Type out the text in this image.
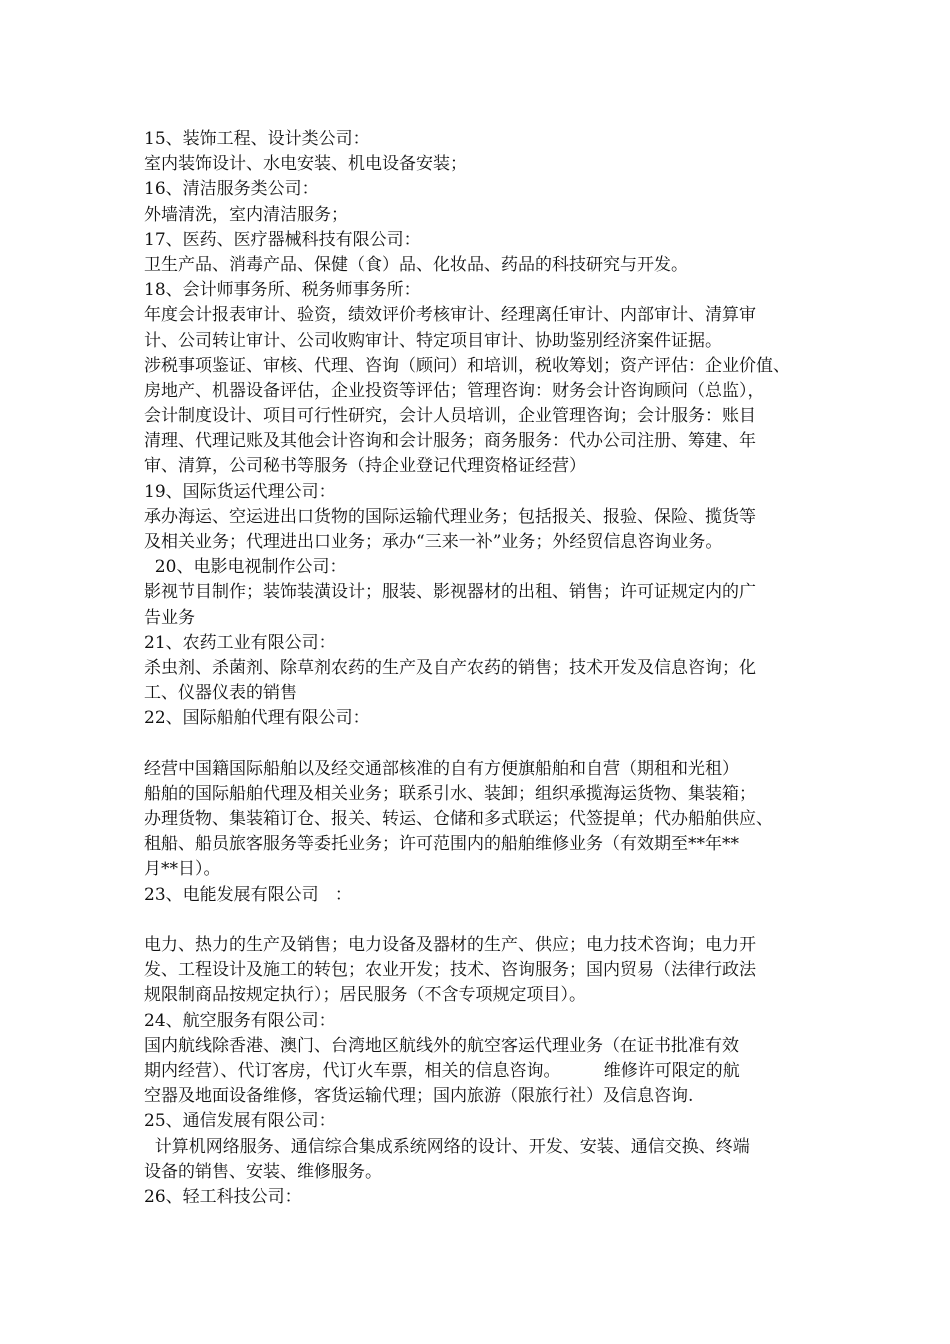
15、装饰工程、设计类公司：
室内装饰设计、水电安装、机电设备安装；
16、清洁服务类公司：
外墙清洗，室内清洁服务；
17、医药、医疗器械科技有限公司：
卫生产品、消毒产品、保健（食）品、化妆品、药品的科技研究与开发。
18、会计师事务所、税务师事务所：
年度会计报表审计、验资，绩效评价考核审计、经理离任审计、内部审计、清算审
计、公司转让审计、公司收购审计、特定项目审计、协助鉴别经济案件证据。
涉税事项鉴证、审核、代理、咨询（顾问）和培训，税收筹划；资产评估：企业价值、
房地产、机器设备评估，企业投资等评估；管理咨询：财务会计咨询顾问（总监），
会计制度设计、项目可行性研究，会计人员培训，企业管理咨询；会计服务：账目
清理、代理记账及其他会计咨询和会计服务；商务服务：代办公司注册、筹建、年
审、清算，公司秘书等服务（持企业登记代理资格证经营）
19、国际货运代理公司：
承办海运、空运进出口货物的国际运输代理业务；包括报关、报验、保险、揽货等
及相关业务；代理进出口业务；承办“三来一补”业务；外经贸信息咨询业务。
20、电影电视制作公司：
影视节目制作；装饰装潢设计；服装、影视器材的出租、销售；许可证规定内的广
告业务
21、农药工业有限公司：
杀虫剂、杀菌剂、除草剂农药的生产及自产农药的销售；技术开发及信息咨询；化
工、仪器仪表的销售
22、国际船舶代理有限公司：
经营中国籍国际船舶以及经交通部核准的自有方便旗船舶和自营（期租和光租）
船舶的国际船舶代理及相关业务；联系引水、装卸；组织承揽海运货物、集装箱；
办理货物、集装箱订仓、报关、转运、仓储和多式联运；代签提单；代办船舶供应、
租船、船员旅客服务等委托业务；许可范围内的船舶维修业务（有效期至**年**
月**日）。
23、电能发展有限公司   ：
电力、热力的生产及销售；电力设备及器材的生产、供应；电力技术咨询；电力开
发、工程设计及施工的转包；农业开发；技术、咨询服务；国内贸易（法律行政法
规限制商品按规定执行）；居民服务（不含专项规定项目）。
24、航空服务有限公司：
国内航线除香港、澳门、台湾地区航线外的航空客运代理业务（在证书批准有效
期内经营）、代订客房，代订火车票，相关的信息咨询。        维修许可限定的航
空器及地面设备维修，客货运输代理；国内旅游（限旅行社）及信息咨询.
25、通信发展有限公司：
计算机网络服务、通信综合集成系统网络的设计、开发、安装、通信交换、终端
设备的销售、安装、维修服务。
26、轻工科技公司：
